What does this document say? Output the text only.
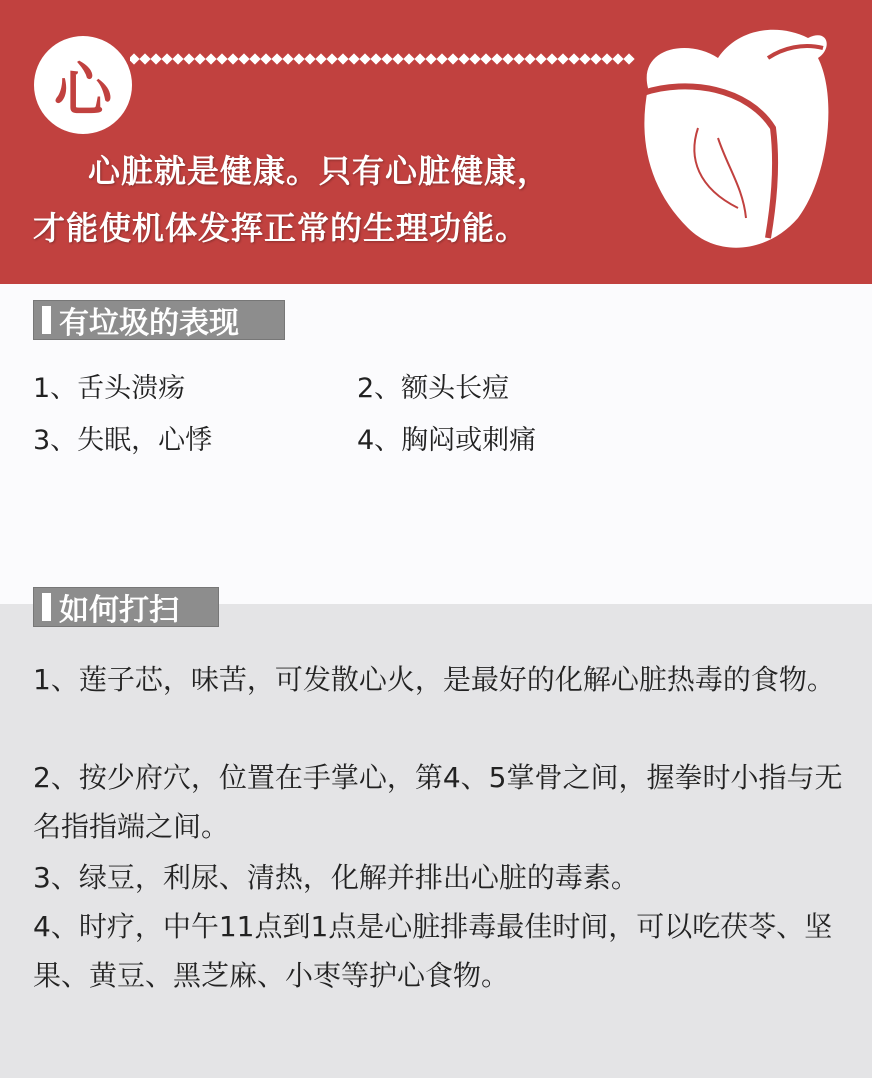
心
心脏就是健康。只有心脏健康，
才能使机体发挥正常的生理功能。
有垃圾的表现
1、舌头溃疡	2、额头长痘
3、失眠，心悸	4、胸闷或刺痛
如何打扫
1、莲子芯，味苦，可发散心火，是最好的化解心脏热毒的食物。
2、按少府穴，位置在手掌心，第4、5掌骨之间，握拳时小指与无名指指端之间。
3、绿豆，利尿、清热，化解并排出心脏的毒素。
4、时疗，中午11点到1点是心脏排毒最佳时间，可以吃茯苓、坚果、黄豆、黑芝麻、小枣等护心食物。
